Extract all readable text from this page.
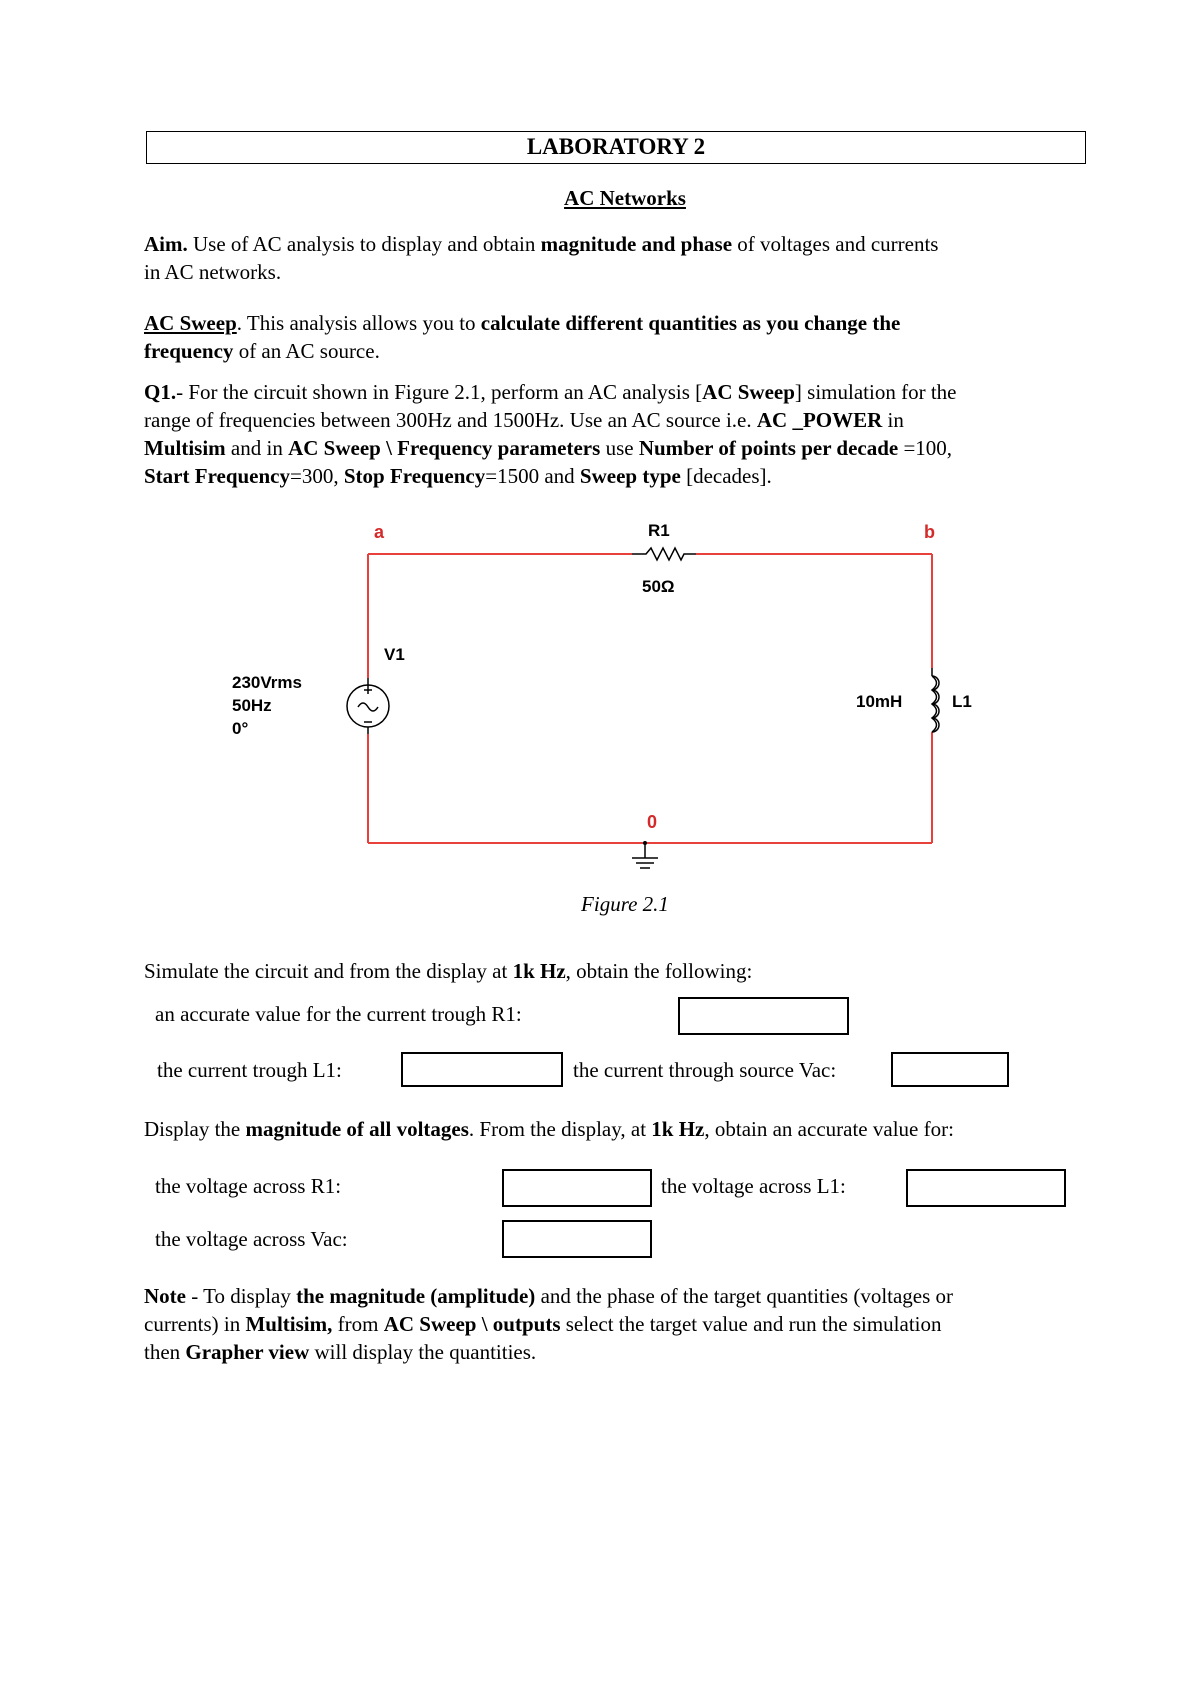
LABORATORY 2
AC Networks
Aim. Use of AC analysis to display and obtain magnitude and phase of voltages and currents
in AC networks.
AC Sweep. This analysis allows you to calculate different quantities as you change the
frequency of an AC source.
Q1.- For the circuit shown in Figure 2.1, perform an AC analysis [AC Sweep] simulation for the
range of frequencies between 300Hz and 1500Hz. Use an AC source i.e. AC _POWER in
Multisim and in AC Sweep \ Frequency parameters use Number of points per decade =100,
Start Frequency=300, Stop Frequency=1500 and Sweep type [decades].
a	b
0
R1
50Ω
V1
230Vrms
50Hz
0°
10mH	L1
Figure 2.1
Simulate the circuit and from the display at 1k Hz, obtain the following:
an accurate value for the current trough R1:
the current trough L1:	the current through source Vac:
Display the magnitude of all voltages. From the display, at 1k Hz, obtain an accurate value for:
the voltage across R1:	the voltage across L1:
the voltage across Vac:
Note - To display the magnitude (amplitude) and the phase of the target quantities (voltages or
currents) in Multisim, from AC Sweep \ outputs select the target value and run the simulation
then Grapher view will display the quantities.
